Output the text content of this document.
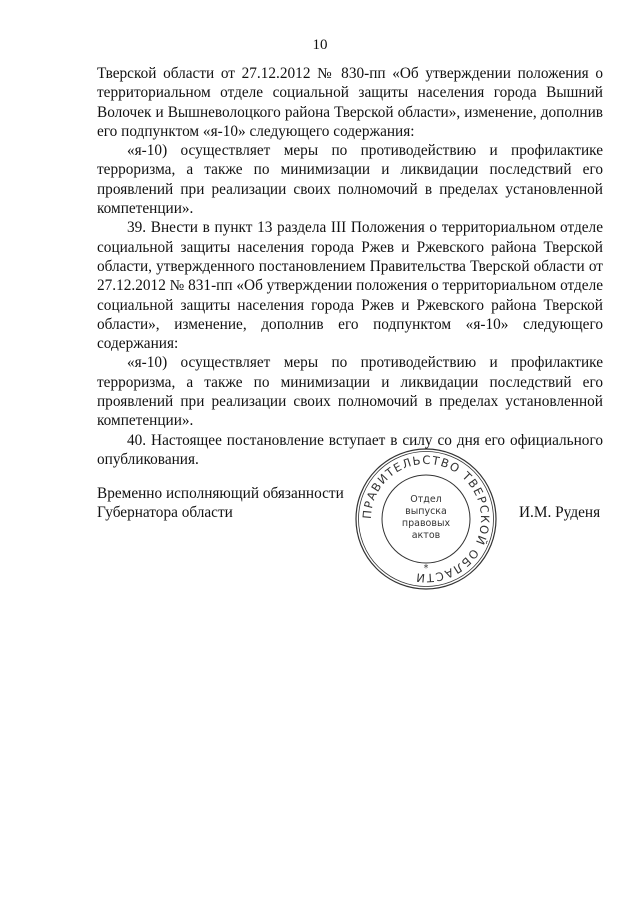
10

Тверской области от 27.12.2012 № 830-пп «Об утверждении положения о территориальном отделе социальной защиты населения города Вышний Волочек и Вышневолоцкого района Тверской области», изменение, дополнив его подпунктом «я-10» следующего содержания:

«я-10) осуществляет меры по противодействию и профилактике терроризма, а также по минимизации и ликвидации последствий его проявлений при реализации своих полномочий в пределах установленной компетенции».

39. Внести в пункт 13 раздела III Положения о территориальном отделе социальной защиты населения города Ржев и Ржевского района Тверской области, утвержденного постановлением Правительства Тверской области от 27.12.2012 № 831-пп «Об утверждении положения о территориальном отделе социальной защиты населения города Ржев и Ржевского района Тверской области», изменение, дополнив его подпунктом «я-10» следующего содержания:

«я-10) осуществляет меры по противодействию и профилактике терроризма, а также по минимизации и ликвидации последствий его проявлений при реализации своих полномочий в пределах установленной компетенции».

40. Настоящее постановление вступает в силу со дня его официального опубликования.

Временно исполняющий обязанности
Губернатора области	ПРАВИТЕЛЬСТВО ТВЕРСКОЙ ОБЛАСТИ
Отдел
выпуска
правовых
актов
*
И.М. Руденя
